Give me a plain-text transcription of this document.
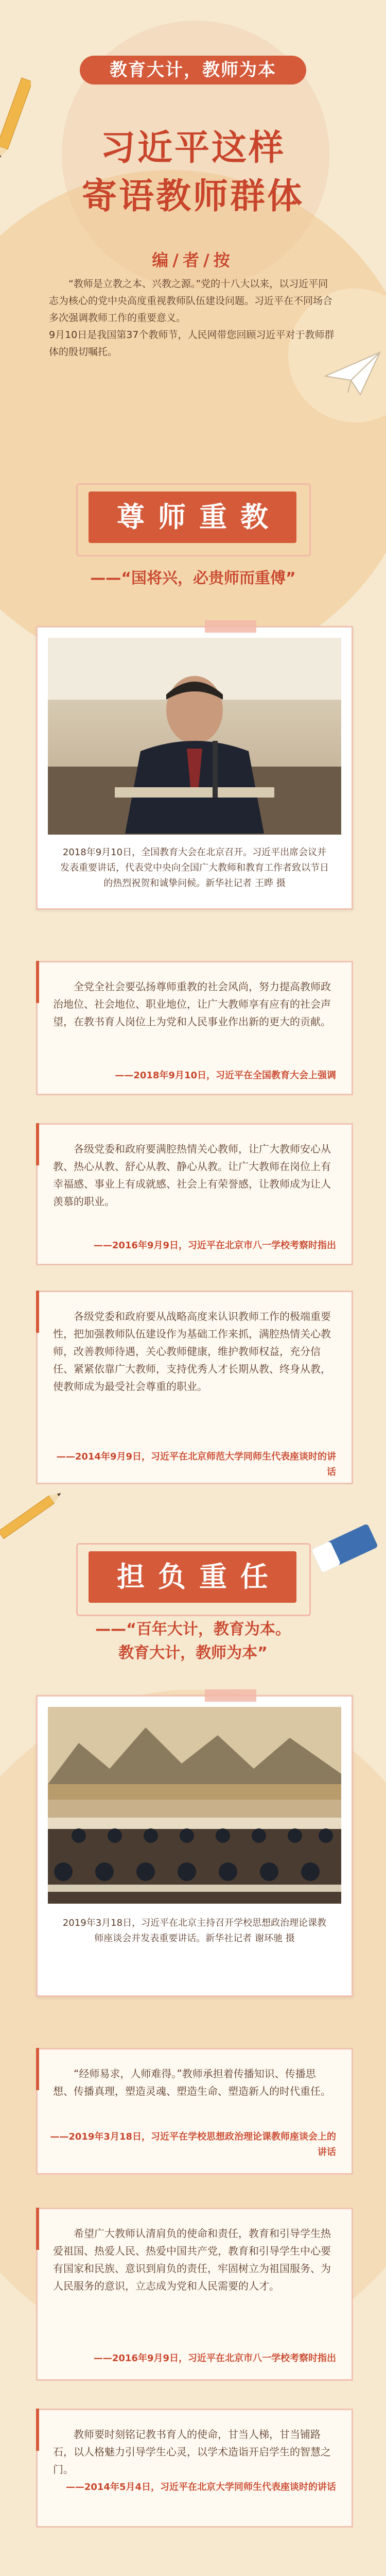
教育大计，教师为本
习近平这样
寄语教师群体
编/者/按

“教师是立教之本、兴教之源。”党的十八大以来，以习近平同志为核心的党中央高度重视教师队伍建设问题。习近平在不同场合多次强调教师工作的重要意义。

9月10日是我国第37个教师节，人民网带您回顾习近平对于教师群体的殷切嘱托。

尊师重教
——“国将兴，必贵师而重傅”
2018年9月10日，全国教育大会在北京召开。习近平出席会议并发表重要讲话，代表党中央向全国广大教师和教育工作者致以节日的热烈祝贺和诚挚问候。新华社记者 王晔 摄
全党全社会要弘扬尊师重教的社会风尚，努力提高教师政治地位、社会地位、职业地位，让广大教师享有应有的社会声望，在教书育人岗位上为党和人民事业作出新的更大的贡献。
——2018年9月10日，习近平在全国教育大会上强调
各级党委和政府要满腔热情关心教师，让广大教师安心从教、热心从教、舒心从教、静心从教。让广大教师在岗位上有幸福感、事业上有成就感、社会上有荣誉感，让教师成为让人羡慕的职业。
——2016年9月9日，习近平在北京市八一学校考察时指出
各级党委和政府要从战略高度来认识教师工作的极端重要性，把加强教师队伍建设作为基础工作来抓，满腔热情关心教师，改善教师待遇，关心教师健康，维护教师权益，充分信任、紧紧依靠广大教师，支持优秀人才长期从教、终身从教，使教师成为最受社会尊重的职业。
——2014年9月9日，习近平在北京师范大学同师生代表座谈时的讲话
担负重任
——“百年大计，教育为本。
教育大计，教师为本”
2019年3月18日，习近平在北京主持召开学校思想政治理论课教师座谈会并发表重要讲话。新华社记者 谢环驰 摄
“经师易求，人师难得。”教师承担着传播知识、传播思想、传播真理，塑造灵魂、塑造生命、塑造新人的时代重任。
——2019年3月18日，习近平在学校思想政治理论课教师座谈会上的讲话
希望广大教师认清肩负的使命和责任，教育和引导学生热爱祖国、热爱人民、热爱中国共产党，教育和引导学生中心要有国家和民族、意识到肩负的责任，牢固树立为祖国服务、为人民服务的意识，立志成为党和人民需要的人才。
——2016年9月9日，习近平在北京市八一学校考察时指出
教师要时刻铭记教书育人的使命，甘当人梯，甘当铺路石，以人格魅力引导学生心灵，以学术造诣开启学生的智慧之门。
——2014年5月4日，习近平在北京大学同师生代表座谈时的讲话
